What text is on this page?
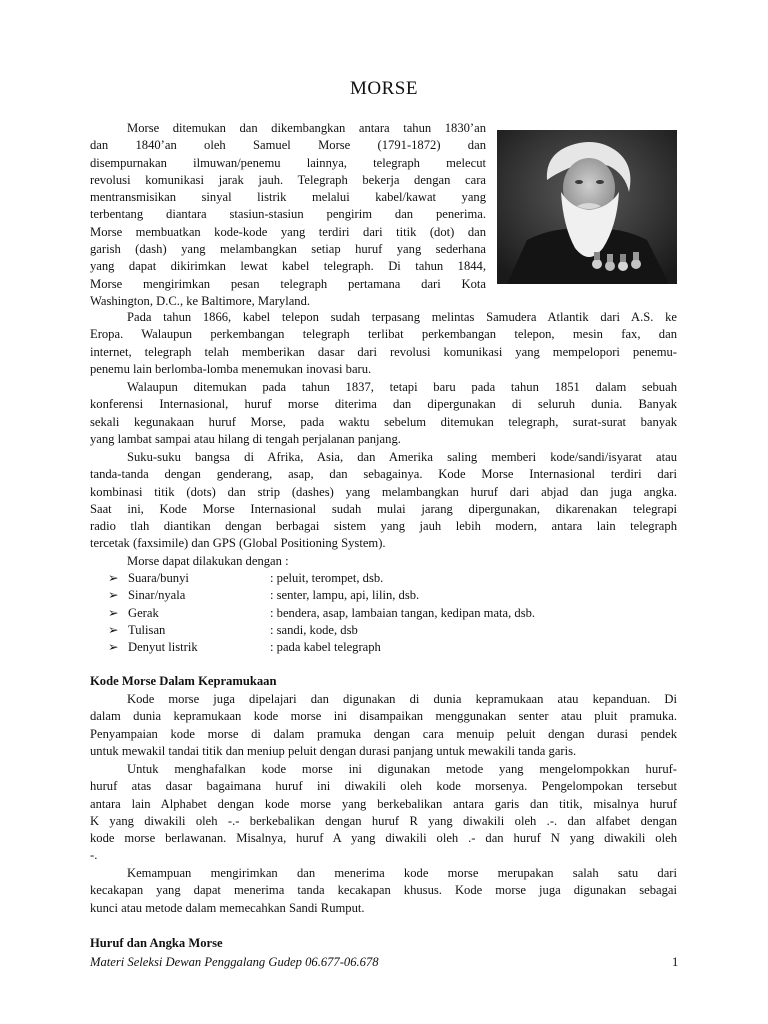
MORSE
Morse ditemukan dan dikembangkan antara tahun 1830’an
dan 1840’an oleh Samuel Morse (1791-1872) dan
disempurnakan ilmuwan/penemu lainnya, telegraph melecut
revolusi komunikasi jarak jauh. Telegraph bekerja dengan cara
mentransmisikan sinyal listrik melalui kabel/kawat yang
terbentang diantara stasiun-stasiun pengirim dan penerima.
Morse membuatkan kode-kode yang terdiri dari titik (dot) dan
garish (dash) yang melambangkan setiap huruf yang sederhana
yang dapat dikirimkan lewat kabel telegraph. Di tahun 1844,
Morse mengirimkan pesan telegraph pertamana dari Kota
Washington, D.C., ke Baltimore, Maryland.
Pada tahun 1866, kabel telepon sudah terpasang melintas Samudera Atlantik dari A.S. ke
Eropa. Walaupun perkembangan telegraph terlibat perkembangan telepon, mesin fax, dan
internet, telegraph telah memberikan dasar dari revolusi komunikasi yang mempelopori penemu-
penemu lain berlomba-lomba menemukan inovasi baru.
Walaupun ditemukan pada tahun 1837, tetapi baru pada tahun 1851 dalam sebuah
konferensi Internasional, huruf morse diterima dan dipergunakan di seluruh dunia. Banyak
sekali kegunakaan huruf Morse, pada waktu sebelum ditemukan telegraph, surat-surat banyak
yang lambat sampai atau hilang di tengah perjalanan panjang.
Suku-suku bangsa di Afrika, Asia, dan Amerika saling memberi kode/sandi/isyarat atau
tanda-tanda dengan genderang, asap, dan sebagainya. Kode Morse Internasional terdiri dari
kombinasi titik (dots) dan strip (dashes) yang melambangkan huruf dari abjad dan juga angka.
Saat ini, Kode Morse Internasional sudah mulai jarang dipergunakan, dikarenakan telegrapi
radio tlah diantikan dengan berbagai sistem yang jauh lebih modern, antara lain telegraph
tercetak (faxsimile) dan GPS (Global Positioning System).
Morse dapat dilakukan dengan :
➢ Suara/bunyi	: peluit, terompet, dsb.
➢ Sinar/nyala	: senter, lampu, api, lilin, dsb.
➢ Gerak	: bendera, asap, lambaian tangan, kedipan mata, dsb.
➢ Tulisan	: sandi, kode, dsb
➢ Denyut listrik	: pada kabel telegraph
Kode Morse Dalam Kepramukaan
Kode morse juga dipelajari dan digunakan di dunia kepramukaan atau kepanduan. Di
dalam dunia kepramukaan kode morse ini disampaikan menggunakan senter atau pluit pramuka.
Penyampaian kode morse di dalam pramuka dengan cara menuip peluit dengan durasi pendek
untuk mewakil tandai titik dan meniup peluit dengan durasi panjang untuk mewakili tanda garis.
Untuk menghafalkan kode morse ini digunakan metode yang mengelompokkan huruf-
huruf atas dasar bagaimana huruf ini diwakili oleh kode morsenya. Pengelompokan tersebut
antara lain Alphabet dengan kode morse yang berkebalikan antara garis dan titik, misalnya huruf
K yang diwakili oleh -.- berkebalikan dengan huruf R yang diwakili oleh .-. dan alfabet dengan
kode morse berlawanan. Misalnya, huruf A yang diwakili oleh .- dan huruf N yang diwakili oleh
-.
Kemampuan mengirimkan dan menerima kode morse merupakan salah satu dari
kecakapan yang dapat menerima tanda kecakapan khusus. Kode morse juga digunakan sebagai
kunci atau metode dalam memecahkan Sandi Rumput.
Huruf dan Angka Morse
Materi Seleksi Dewan Penggalang Gudep 06.677-06.678	1
